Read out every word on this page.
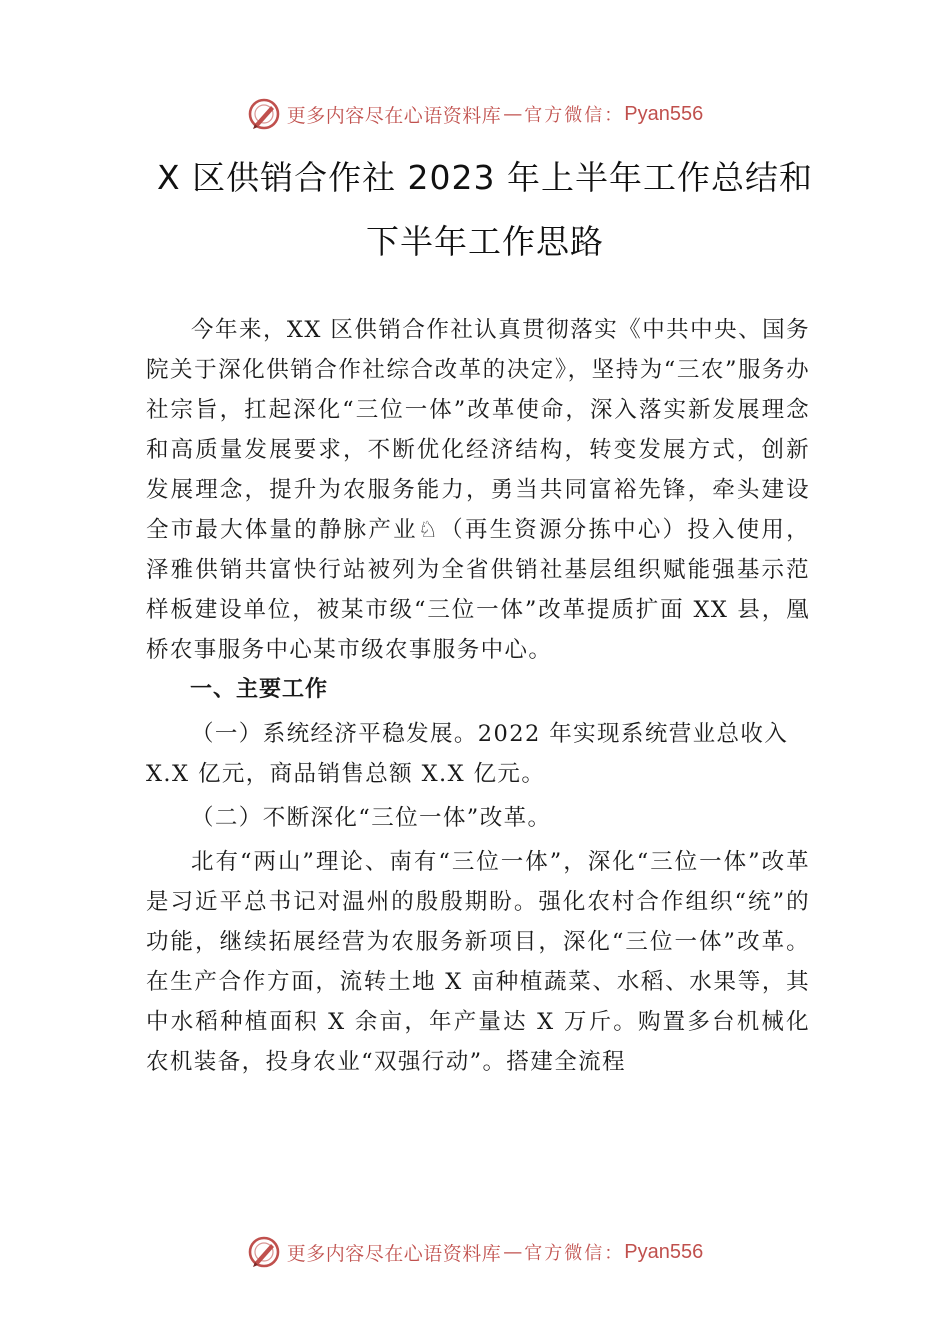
更多内容尽在心语资料库 — 官方微信： Pyan556
X 区供销合作社 2023 年上半年工作总结和
下半年工作思路

今年来，XX 区供销合作社认真贯彻落实《中共中央、国务院关于深化供销合作社综合改革的决定》，坚持为“三农”服务办社宗旨，扛起深化“三位一体”改革使命，深入落实新发展理念和高质量发展要求，不断优化经济结构，转变发展方式，创新发展理念，提升为农服务能力，勇当共同富裕先锋，牵头建设全市最大体量的静脉产业♘（再生资源分拣中心）投入使用，泽雅供销共富快行站被列为全省供销社基层组织赋能强基示范样板建设单位，被某市级“三位一体”改革提质扩面 XX 县，凰桥农事服务中心某市级农事服务中心。

一、主要工作

（一）系统经济平稳发展。2022 年实现系统营业总收入 X.X 亿元，商品销售总额 X.X 亿元。

（二）不断深化“三位一体”改革。

北有“两山”理论、南有“三位一体”，深化“三位一体”改革是习近平总书记对温州的殷殷期盼。强化农村合作组织“统”的功能，继续拓展经营为农服务新项目，深化“三位一体”改革。在生产合作方面，流转土地 X 亩种植蔬菜、水稻、水果等，其中水稻种植面积 X 余亩，年产量达 X 万斤。购置多台机械化农机装备，投身农业“双强行动”。搭建全流程

更多内容尽在心语资料库 — 官方微信： Pyan556
